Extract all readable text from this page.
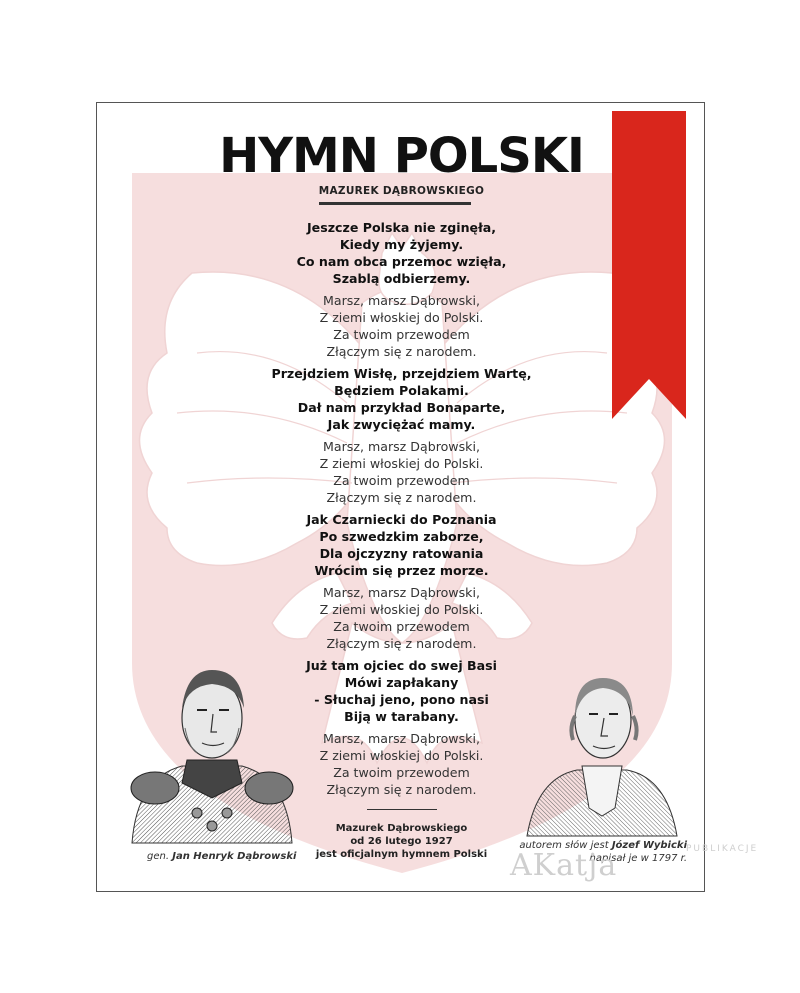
HYMN POLSKI
MAZUREK DĄBROWSKIEGO
Jeszcze Polska nie zginęła,
Kiedy my żyjemy.
Co nam obca przemoc wzięła,
Szablą odbierzemy.
Marsz, marsz Dąbrowski,
Z ziemi włoskiej do Polski.
Za twoim przewodem
Złączym się z narodem.
Przejdziem Wisłę, przejdziem Wartę,
Będziem Polakami.
Dał nam przykład Bonaparte,
Jak zwyciężać mamy.
Marsz, marsz Dąbrowski,
Z ziemi włoskiej do Polski.
Za twoim przewodem
Złączym się z narodem.
Jak Czarniecki do Poznania
Po szwedzkim zaborze,
Dla ojczyzny ratowania
Wrócim się przez morze.
Marsz, marsz Dąbrowski,
Z ziemi włoskiej do Polski.
Za twoim przewodem
Złączym się z narodem.
Już tam ojciec do swej Basi
Mówi zapłakany
- Słuchaj jeno, pono nasi
Biją w tarabany.
Marsz, marsz Dąbrowski,
Z ziemi włoskiej do Polski.
Za twoim przewodem
Złączym się z narodem.
Mazurek Dąbrowskiego
od 26 lutego 1927
jest oficjalnym hymnem Polski
gen. Jan Henryk Dąbrowski
autorem słów jest Józef Wybicki
napisał je w 1797 r.
AKatja	PUBLIKACJE
